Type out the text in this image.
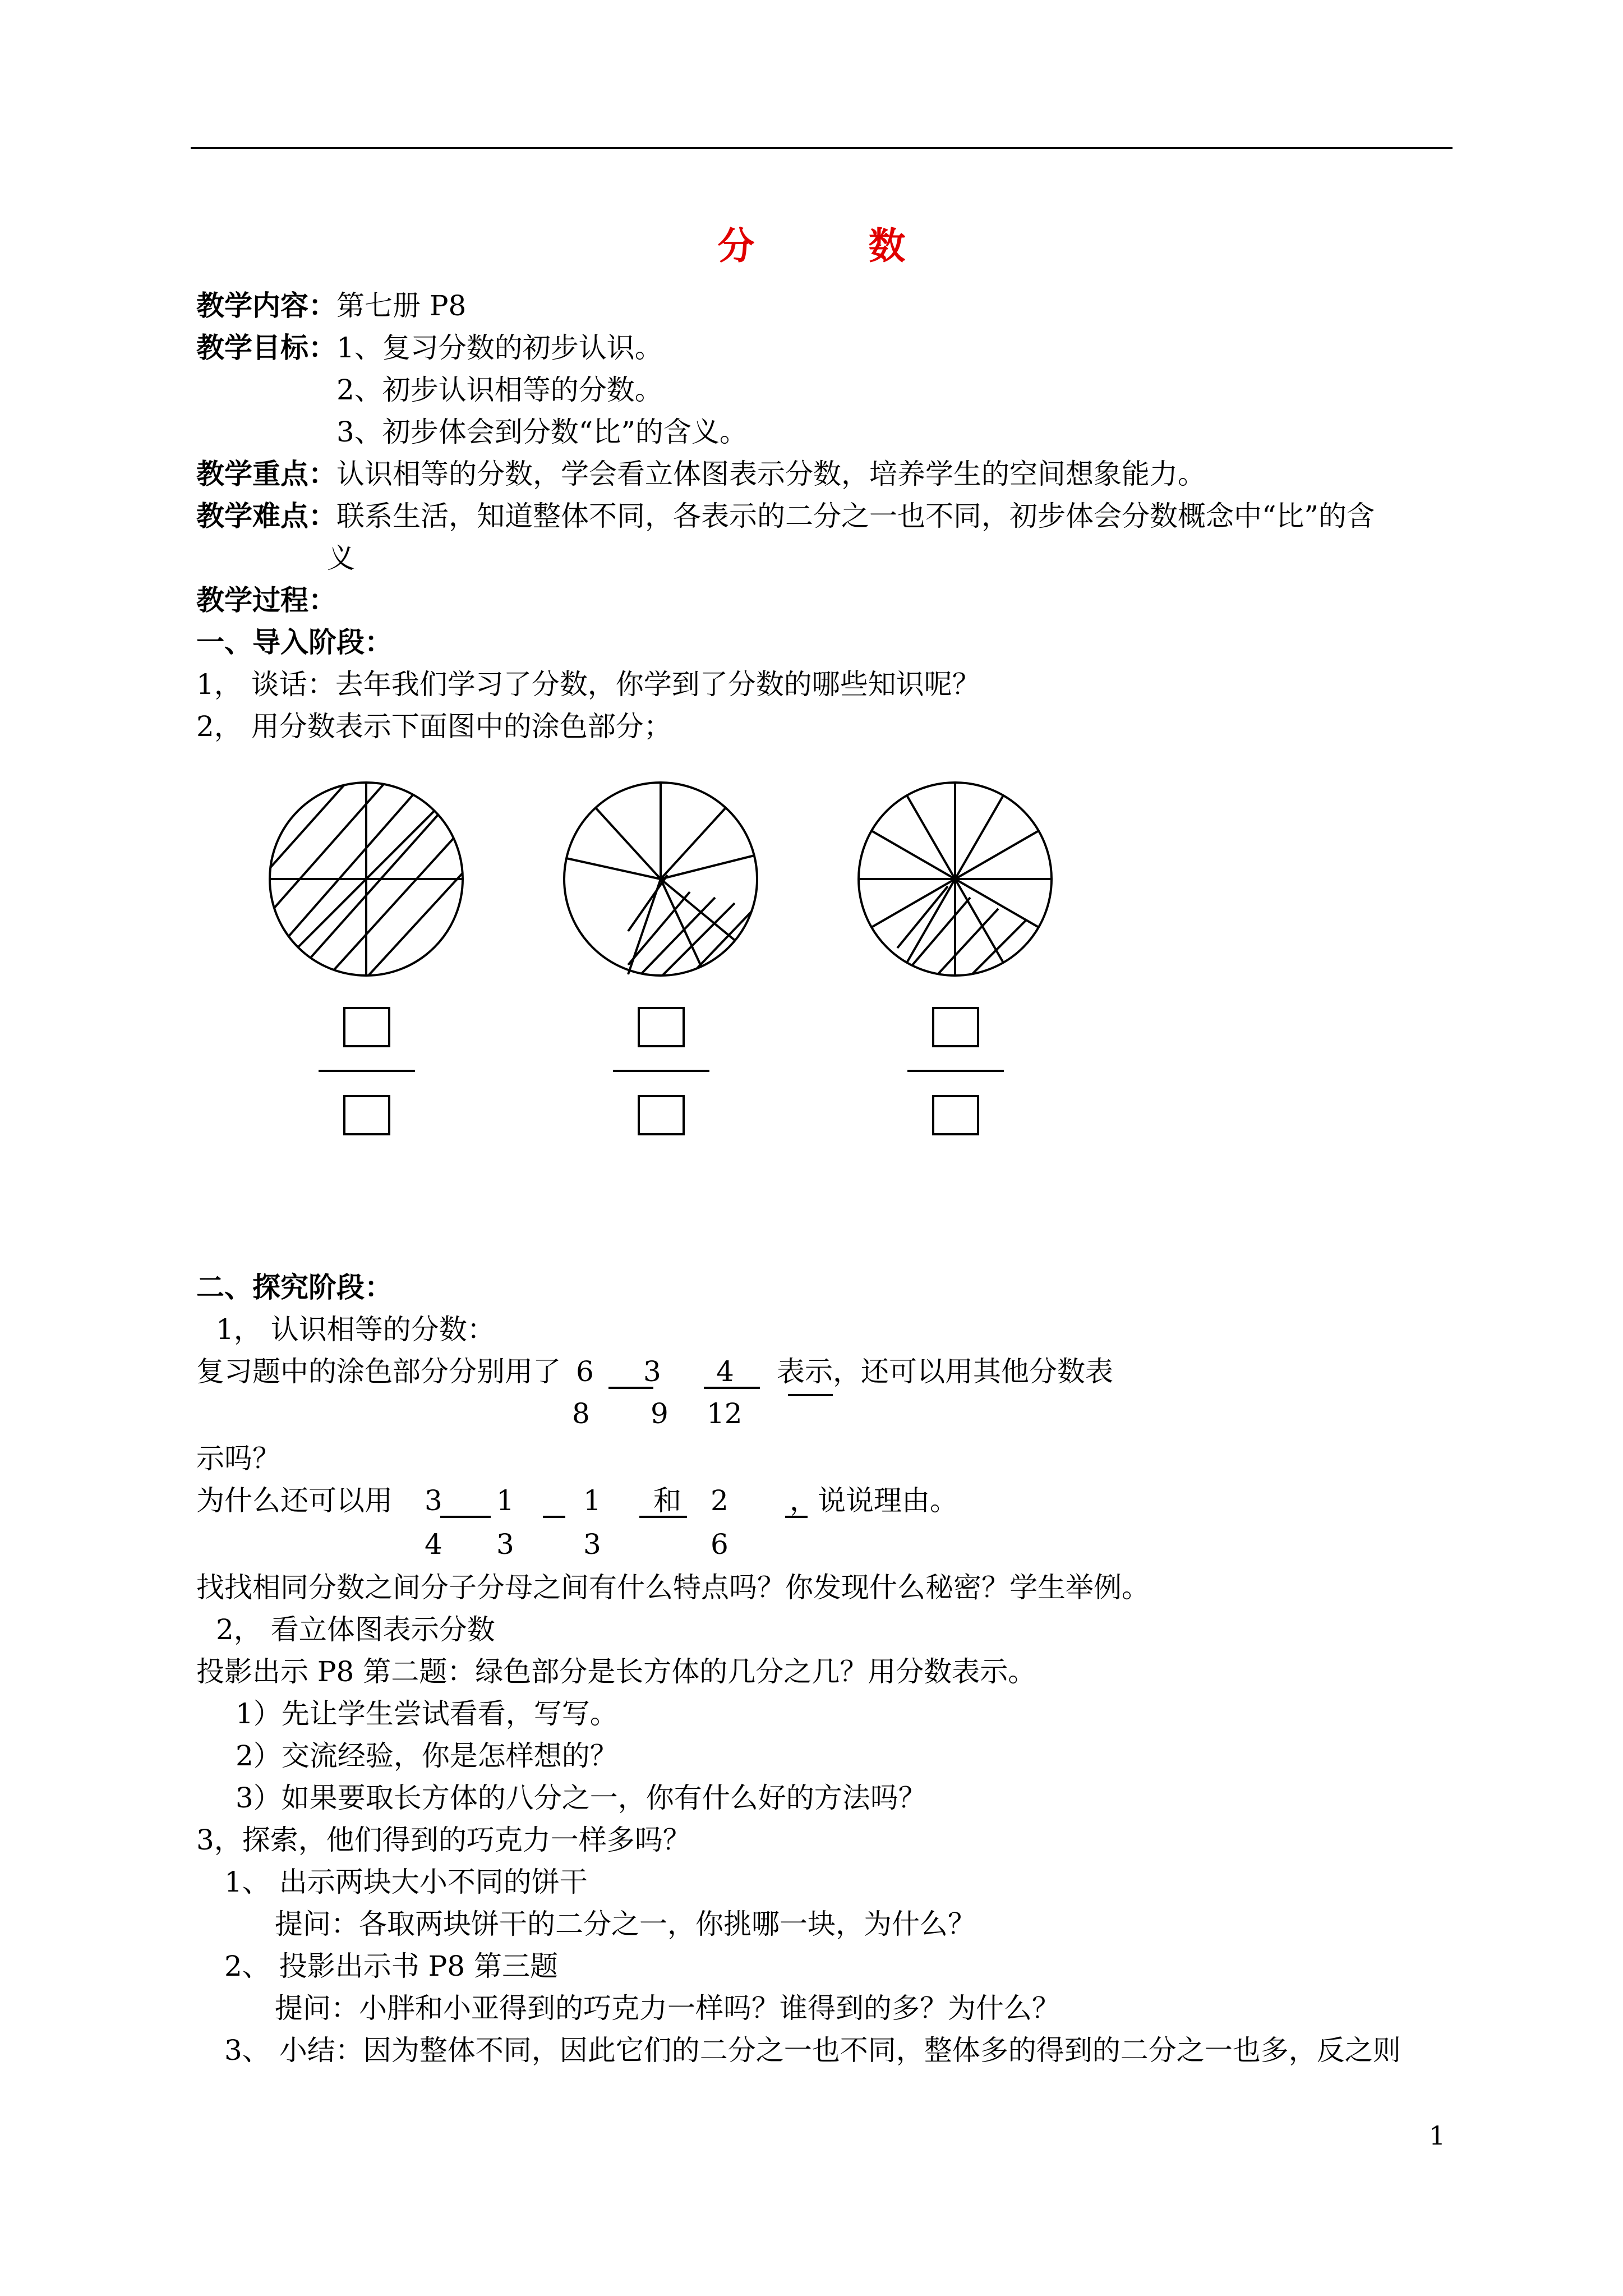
分 数
教学内容：第七册 P8
教学目标：1、复习分数的初步认识。
2、初步认识相等的分数。
3、初步体会到分数“比”的含义。
教学重点：认识相等的分数，学会看立体图表示分数，培养学生的空间想象能力。
教学难点：联系生活，知道整体不同，各表示的二分之一也不同，初步体会分数概念中“比”的含
义
教学过程：
一、导入阶段：
1， 谈话：去年我们学习了分数，你学到了分数的哪些知识呢？
2， 用分数表示下面图中的涂色部分；
二、探究阶段：
1， 认识相等的分数：
复习题中的涂色部分分别用了 6
8
3
9
4
12
表示，还可以用其他分数表
示吗？
为什么还可以用 3
4
1
3
1
3
和 2
6
，说说理由。
找找相同分数之间分子分母之间有什么特点吗？你发现什么秘密？学生举例。
2， 看立体图表示分数
投影出示 P8 第二题：绿色部分是长方体的几分之几？用分数表示。
1）先让学生尝试看看，写写。
2）交流经验，你是怎样想的？
3）如果要取长方体的八分之一，你有什么好的方法吗？
3，探索，他们得到的巧克力一样多吗？
1、 出示两块大小不同的饼干
提问：各取两块饼干的二分之一，你挑哪一块，为什么？
2、 投影出示书 P8 第三题
提问：小胖和小亚得到的巧克力一样吗？谁得到的多？为什么？
3、 小结：因为整体不同，因此它们的二分之一也不同，整体多的得到的二分之一也多，反之则
1
